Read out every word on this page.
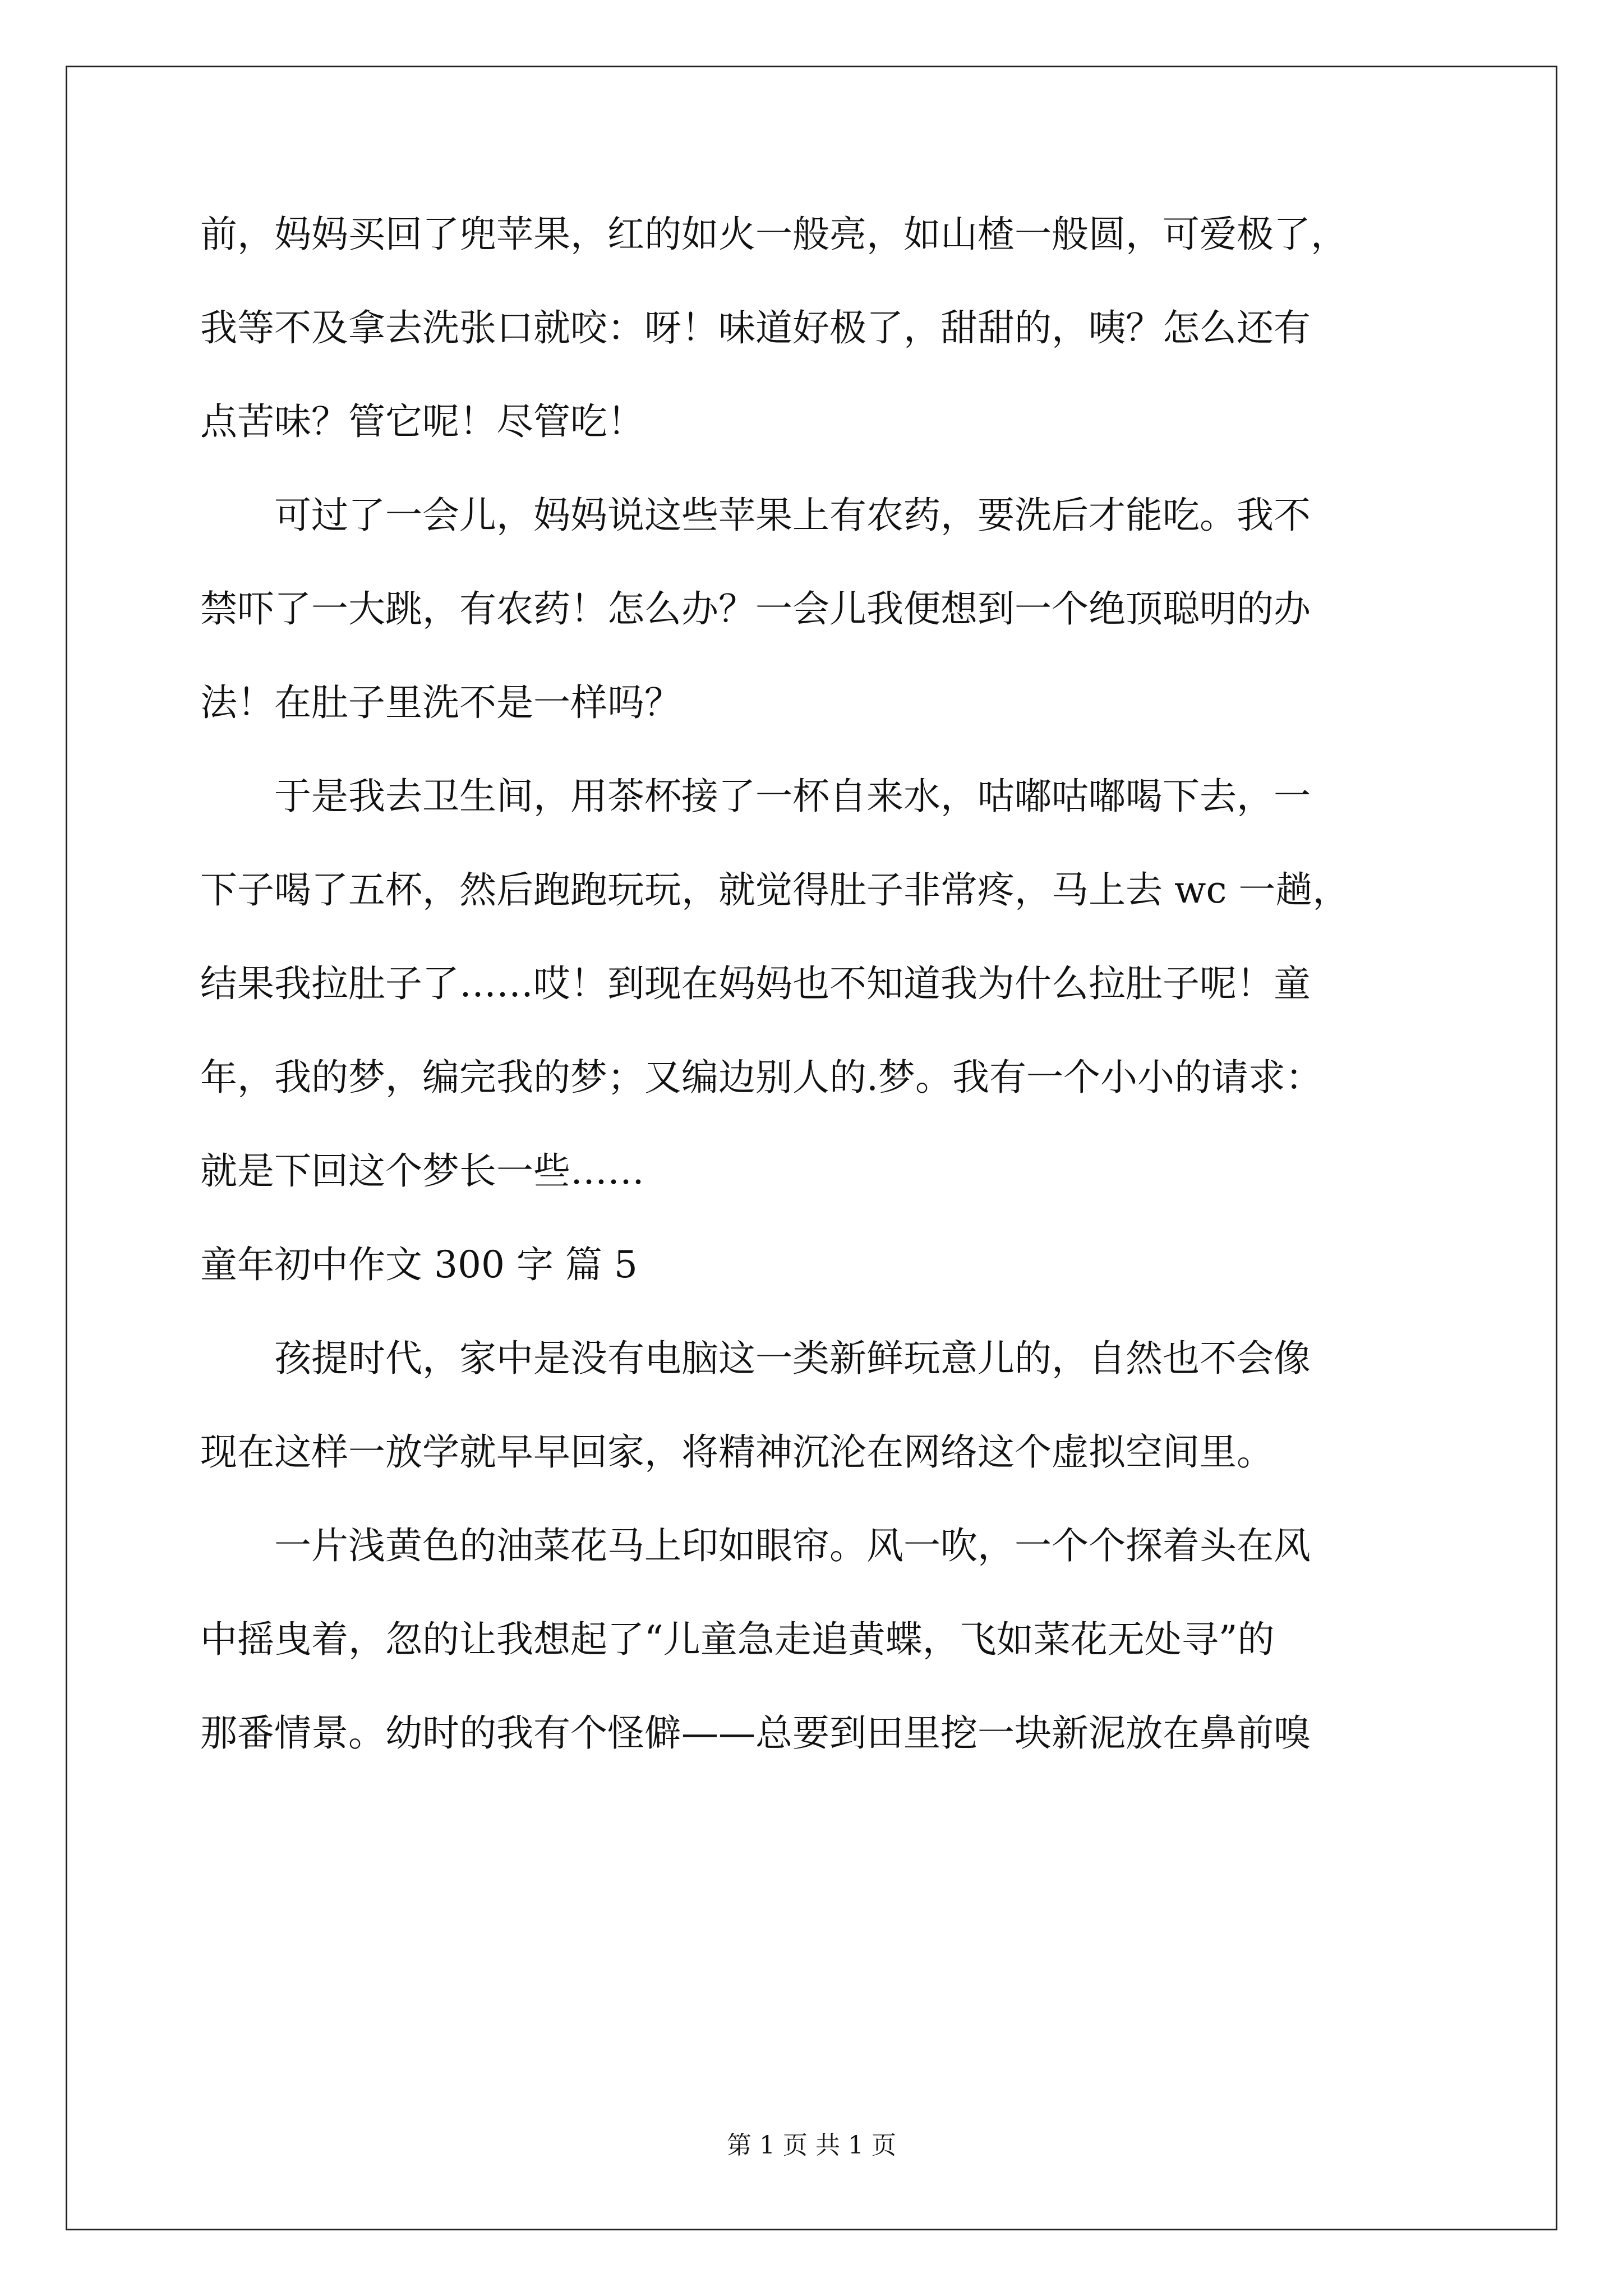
前，妈妈买回了兜苹果，红的如火一般亮，如山楂一般圆，可爱极了，
我等不及拿去洗张口就咬：呀！味道好极了，甜甜的，咦？怎么还有
点苦味？管它呢！尽管吃！
　　可过了一会儿，妈妈说这些苹果上有农药，要洗后才能吃。我不
禁吓了一大跳，有农药！怎么办？一会儿我便想到一个绝顶聪明的办
法！在肚子里洗不是一样吗？
　　于是我去卫生间，用茶杯接了一杯自来水，咕嘟咕嘟喝下去，一
下子喝了五杯，然后跑跑玩玩，就觉得肚子非常疼，马上去 wc 一趟，
结果我拉肚子了……哎！到现在妈妈也不知道我为什么拉肚子呢！童
年，我的梦，编完我的梦；又编边别人的.梦。我有一个小小的请求：
就是下回这个梦长一些……
童年初中作文 300 字 篇 5
　　孩提时代，家中是没有电脑这一类新鲜玩意儿的，自然也不会像
现在这样一放学就早早回家，将精神沉沦在网络这个虚拟空间里。
　　一片浅黄色的油菜花马上印如眼帘。风一吹，一个个探着头在风
中摇曳着，忽的让我想起了“儿童急走追黄蝶，飞如菜花无处寻”的
那番情景。幼时的我有个怪僻——总要到田里挖一块新泥放在鼻前嗅
第 1 页 共 1 页
